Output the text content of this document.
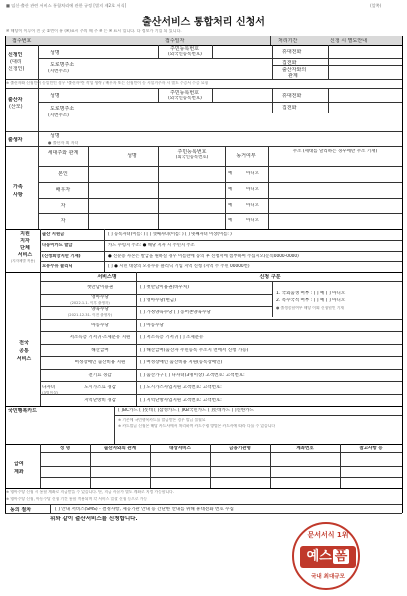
■ 임신·출산 관련 서비스 통합처리에 관한 규정 [별지 제2호 서식]	(앞쪽)
출산서비스 통합처리 신청서
※ 해당이 이루어 진 곳 ①번이 유 (※)표시 주의 해 주 ※ 는 ※ 표시 입니다. 다 정보가 기입 되 있니다.
접수번호	접수일자	처리기간	신청 시 별도안내
신청인
(대리
신청인)
성명
주민등록번호
(외국인등록번호)	휴대전화
도로명주소
(지번주소)
집전화
출산자와의
관계
※ 출산자와 신청인이 동일인인 경우 "출산자"란 작성 생략 / 배우자 또는 신청인이 동 시설거주자 시 별도 수증서 수증 요청
출산자
(산모)
성명	주민등록번호
(외국인등록번호)	휴대전화
도로명주소
(지번주소)
집전화
출생자
성명
● 출산자 외 자녀
가족
사항
세대주와 관계	성명
주민등록번호
(외국인등록번호)	동거여부
주소 (세대를 달리하는 경우에만 주소 기재)
본인	예	아니오
배우자	예	아니오
자	예	아니오
자	예	아니오
지원
지자
단체
서비스
(지자체별 적용)
출산 지원금	[ ] 등록자녀(이름: ) [ ] 셋째자녀(이름: ) [ ] 넷째자녀 이상(이름: )
다둥이카드 발급	카드 수령지 주소: ● 해당 지자 시 주민지 주소
(신청희망지만 기재)	● 신분증 사본은 발급을 원하실 경우 이름란에 동의 후 신청서에 첨부하여 주십시오(문의0000-0000)
모유수유 클리닉	[ ] ● 시민 대상의 모유수유 클리닉 기입 지역 신청 (지역 주 주민 00000번)
서비스명	신청 구분
전국
공통
서비스
첫만남이용권	[ ] 첫만남이용권(바우처)
영아수당
(2022.1.1. 이후 출생자)	[ ] 영아수당(현금)
양육수당
(2021.12.31. 이전 출생자)	[ ] 가정양육수당 [ ] 농어촌양육수당
아동수당	[ ] 아동수당
저소득층 기저귀·조제분유 지원	[ ] 저소득층 기저귀 [ ] 조제분유
해산급여	[ ] 해산급여(출산자 주민등록 주소지 면에서 신청 가능)
여성장애인 출산비용 지원	[ ] 여성장애인 출산비용 지원(등록장애인)
전기료 경감	[ ] 출산가구 [ ] 다자녀(3명이상) 고객번호: 고객번호:
도시가스료 경감	[ ] 도시가스사업지원 고객번호: 고객번호:
지역난방비 경감	[ ] 지역난방사업지원 고객번호: 고객번호:
1. 국외출생 여부 : [ ] 예 [ ] 아니오
2. 복수국적 여부 : [ ] 예 [ ] 아니오
● 출생종합여부 해당 이외 신청원인 기재
다자녀
(3명이상)
국민행복카드	[ ]BC카드 [ ]롯데 [ ]삼성카드 [ ]KB국민카드 [ ]롯데카드 [ ]신한카드
※ 기존에 국민행복카드를 발급받은 경우 발급 불필요
※ 카드발급 신청은 해당 카드사에서 처리하며 카드수령 방법은 카드사에 따라 다를 수 있습니다
급여
계좌
성 명	출산자와의 관계	대상서비스	금융기관명	계좌번호	참고사항 등
※ 영아수당 신청 시 통합 계좌로 지급받을 수 있습니다. 단, 지급 사유가 별도 계좌로 지정 가능합니다.
※ 영아수당 신청, 아동수당 신청 기간 통합 적용되며 각 서비스 일괄 신청 등으로 가능
동의 절차	[ ] 안내 서비스(SMS) - 결정사항, 제공기관 안내 등 간단한 안내를 위해 휴대전화 번호 수집
위와 같이 출산서비스를 신청합니다.
문서서식 1위
예스 폼
국내 최대규모
